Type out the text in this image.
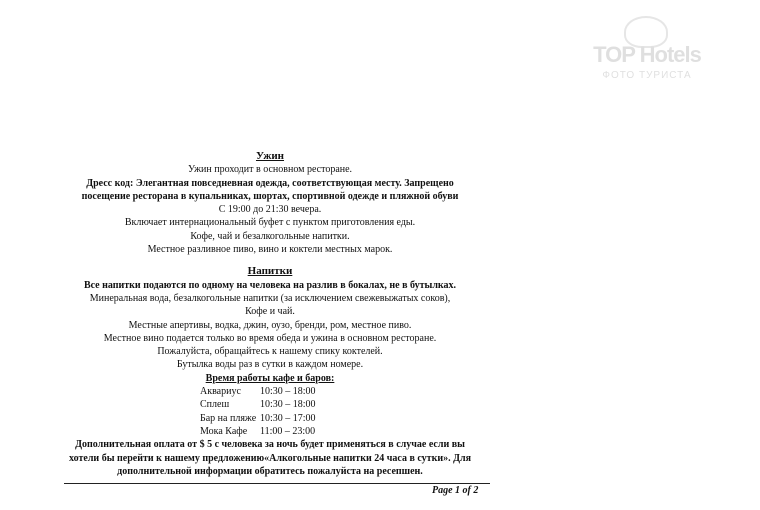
TOP Hotels
ФОТО ТУРИСТА

Ужин

Ужин проходит в основном ресторане.

Дресс код: Элегантная повседневная одежда, соответствующая месту. Запрещено

посещение ресторана в купальниках, шортах, спортивной одежде и пляжной обуви

С 19:00 до 21:30 вечера.

Включает интернациональный буфет с пунктом приготовления еды.

Кофе, чай и безалкогольные напитки.

Местное разливное пиво, вино и коктели местных марок.

Напитки

Все напитки подаются по одному на человека на разлив в бокалах, не в бутылках.

Минеральная вода, безалкогольные напитки (за исключением свежевыжатых соков),

Кофе и чай.

Местные апертивы, водка, джин, оузо, бренди, ром, местное пиво.

Местное вино подается только во время обеда и ужина в основном ресторане.

Пожалуйста, обращайтесь к нашему спику коктелей.

Бутылка воды раз в сутки в каждом номере.

Время работы кафе и баров:

Аквариус	10:30 – 18:00
Сплеш	10:30 – 18:00
Бар на пляже 10:30 – 17:00
Мока Кафе	11:00 – 23:00

Дополнительная оплата от $ 5 с человека за ночь будет применяться в случае если вы

хотели бы перейти к нашему предложению«Алкогольные напитки 24 часа в сутки». Для

дополнительной информации обратитесь пожалуйста на ресепшен.

Page 1 of 2
